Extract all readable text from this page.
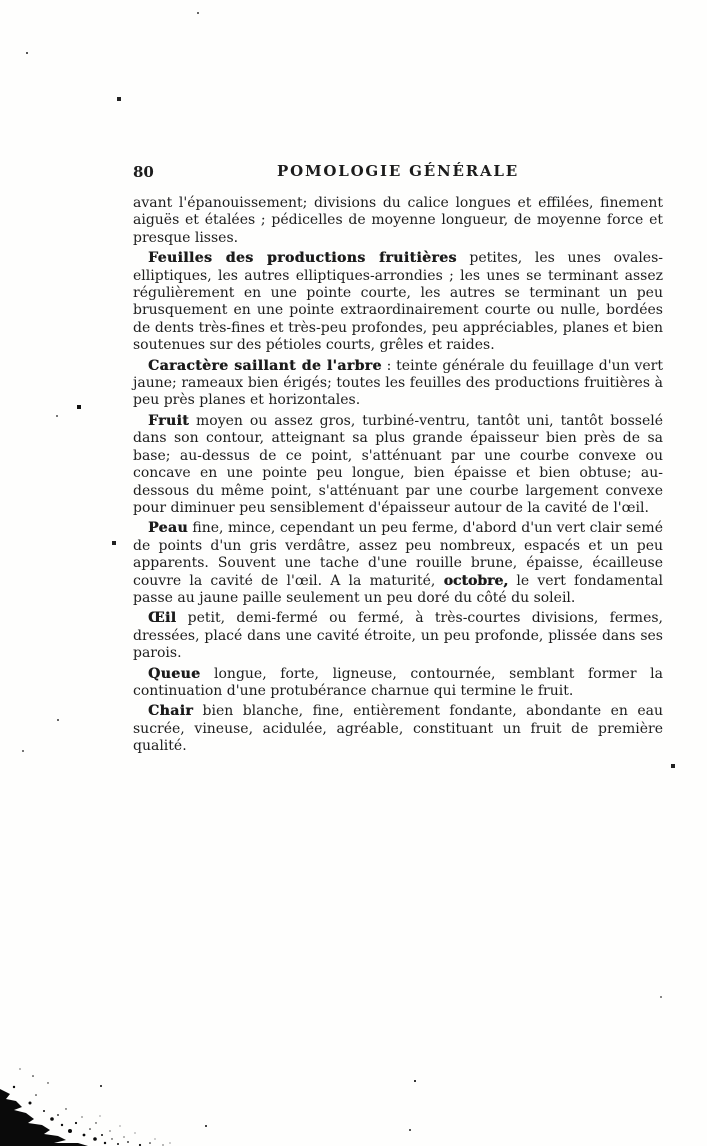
80	POMOLOGIE GÉNÉRALE

avant l'épanouissement; divisions du calice longues et effilées, finement aiguës et étalées ; pédicelles de moyenne longueur, de moyenne force et presque lisses.

Feuilles des productions fruitières petites, les unes ovales-elliptiques, les autres elliptiques-arrondies ; les unes se terminant assez régulièrement en une pointe courte, les autres se terminant un peu brusquement en une pointe extraordinairement courte ou nulle, bordées de dents très-fines et très-peu profondes, peu appréciables, planes et bien soutenues sur des pétioles courts, grêles et raides.

Caractère saillant de l'arbre : teinte générale du feuillage d'un vert jaune; rameaux bien érigés; toutes les feuilles des productions fruitières à peu près planes et horizontales.

Fruit moyen ou assez gros, turbiné-ventru, tantôt uni, tantôt bosselé dans son contour, atteignant sa plus grande épaisseur bien près de sa base; au-dessus de ce point, s'atténuant par une courbe convexe ou concave en une pointe peu longue, bien épaisse et bien obtuse; au-dessous du même point, s'atténuant par une courbe largement convexe pour diminuer peu sensiblement d'épaisseur autour de la cavité de l'œil.

Peau fine, mince, cependant un peu ferme, d'abord d'un vert clair semé de points d'un gris verdâtre, assez peu nombreux, espacés et un peu apparents. Souvent une tache d'une rouille brune, épaisse, écailleuse couvre la cavité de l'œil. A la maturité, octobre, le vert fondamental passe au jaune paille seulement un peu doré du côté du soleil.

Œil petit, demi-fermé ou fermé, à très-courtes divisions, fermes, dressées, placé dans une cavité étroite, un peu profonde, plissée dans ses parois.

Queue longue, forte, ligneuse, contournée, semblant former la continuation d'une protubérance charnue qui termine le fruit.

Chair bien blanche, fine, entièrement fondante, abondante en eau sucrée, vineuse, acidulée, agréable, constituant un fruit de première qualité.
